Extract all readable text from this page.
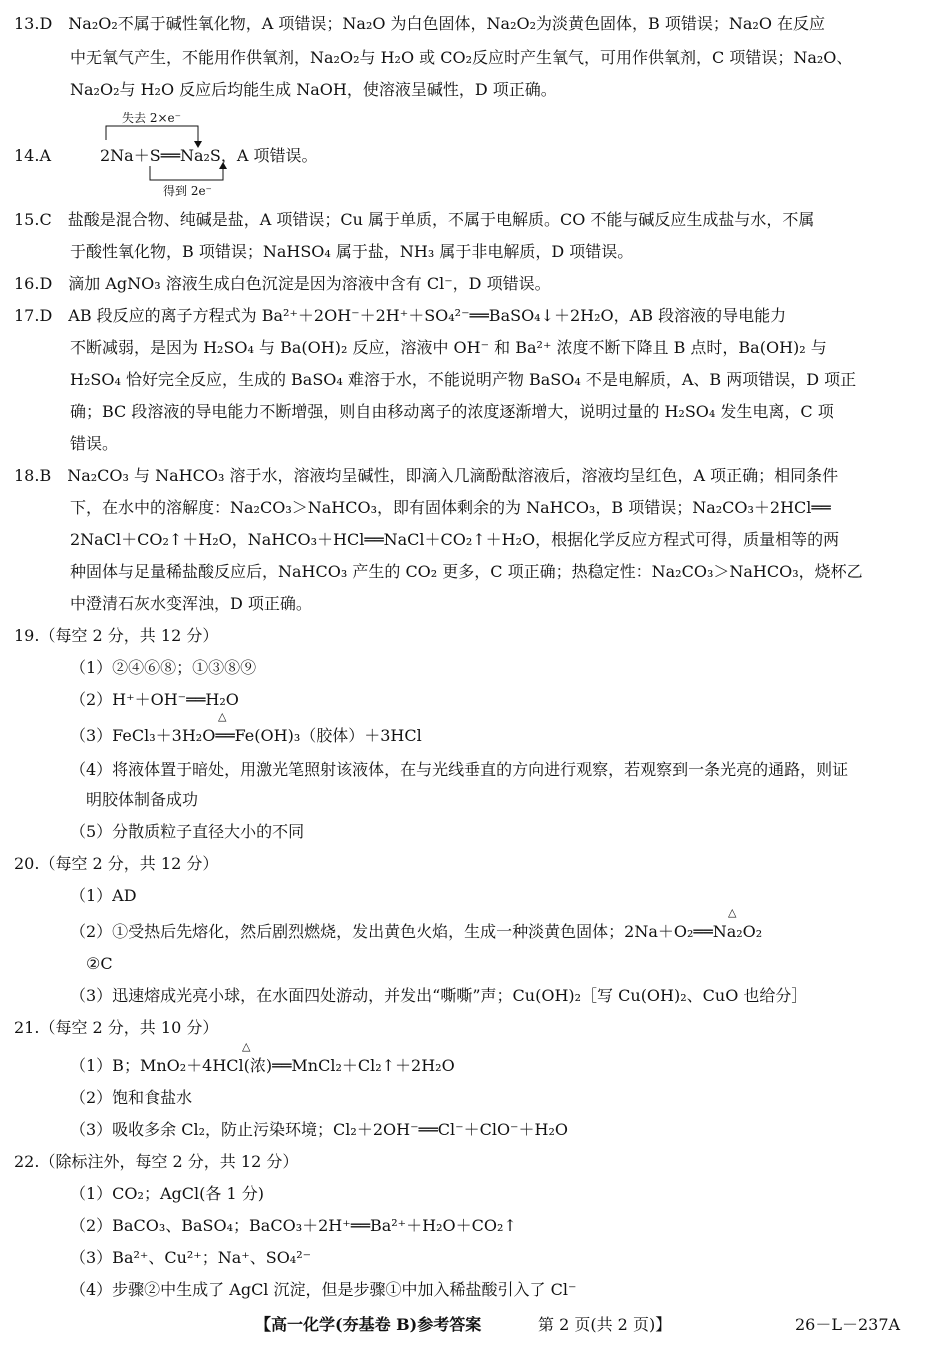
13.D　Na₂O₂不属于碱性氧化物，A 项错误；Na₂O 为白色固体，Na₂O₂为淡黄色固体，B 项错误；Na₂O 在反应
中无氧气产生，不能用作供氧剂，Na₂O₂与 H₂O 或 CO₂反应时产生氧气，可用作供氧剂，C 项错误；Na₂O、
Na₂O₂与 H₂O 反应后均能生成 NaOH，使溶液呈碱性，D 项正确。
失去 2×e⁻
得到 2e⁻
14.A	2Na＋S══Na₂S，A 项错误。
15.C　盐酸是混合物、纯碱是盐，A 项错误；Cu 属于单质，不属于电解质。CO 不能与碱反应生成盐与水，不属
于酸性氧化物，B 项错误；NaHSO₄ 属于盐，NH₃ 属于非电解质，D 项错误。
16.D　滴加 AgNO₃ 溶液生成白色沉淀是因为溶液中含有 Cl⁻，D 项错误。
17.D　AB 段反应的离子方程式为 Ba²⁺＋2OH⁻＋2H⁺＋SO₄²⁻══BaSO₄↓＋2H₂O，AB 段溶液的导电能力
不断减弱，是因为 H₂SO₄ 与 Ba(OH)₂ 反应，溶液中 OH⁻ 和 Ba²⁺ 浓度不断下降且 B 点时，Ba(OH)₂ 与
H₂SO₄ 恰好完全反应，生成的 BaSO₄ 难溶于水，不能说明产物 BaSO₄ 不是电解质，A、B 两项错误，D 项正
确；BC 段溶液的导电能力不断增强，则自由移动离子的浓度逐渐增大，说明过量的 H₂SO₄ 发生电离，C 项
错误。
18.B　Na₂CO₃ 与 NaHCO₃ 溶于水，溶液均呈碱性，即滴入几滴酚酞溶液后，溶液均呈红色，A 项正确；相同条件
下，在水中的溶解度：Na₂CO₃＞NaHCO₃，即有固体剩余的为 NaHCO₃，B 项错误；Na₂CO₃＋2HCl══
2NaCl＋CO₂↑＋H₂O，NaHCO₃＋HCl══NaCl＋CO₂↑＋H₂O，根据化学反应方程式可得，质量相等的两
种固体与足量稀盐酸反应后，NaHCO₃ 产生的 CO₂ 更多，C 项正确；热稳定性：Na₂CO₃＞NaHCO₃，烧杯乙
中澄清石灰水变浑浊，D 项正确。
19.（每空 2 分，共 12 分）
（1）②④⑥⑧；①③⑧⑨
（2）H⁺＋OH⁻══H₂O
（3）FeCl₃＋3H₂O══Fe(OH)₃（胶体）＋3HCl
△
（4）将液体置于暗处，用激光笔照射该液体，在与光线垂直的方向进行观察，若观察到一条光亮的通路，则证
明胶体制备成功
（5）分散质粒子直径大小的不同
20.（每空 2 分，共 12 分）
（1）AD
（2）①受热后先熔化，然后剧烈燃烧，发出黄色火焰，生成一种淡黄色固体；2Na＋O₂══Na₂O₂
△
②C
（3）迅速熔成光亮小球，在水面四处游动，并发出“嘶嘶”声；Cu(OH)₂［写 Cu(OH)₂、CuO 也给分］
21.（每空 2 分，共 10 分）
（1）B；MnO₂＋4HCl(浓)══MnCl₂＋Cl₂↑＋2H₂O
△
（2）饱和食盐水
（3）吸收多余 Cl₂，防止污染环境；Cl₂＋2OH⁻══Cl⁻＋ClO⁻＋H₂O
22.（除标注外，每空 2 分，共 12 分）
（1）CO₂；AgCl(各 1 分)
（2）BaCO₃、BaSO₄；BaCO₃＋2H⁺══Ba²⁺＋H₂O＋CO₂↑
（3）Ba²⁺、Cu²⁺；Na⁺、SO₄²⁻
（4）步骤②中生成了 AgCl 沉淀，但是步骤①中加入稀盐酸引入了 Cl⁻
【高一化学(夯基卷 B)参考答案	第 2 页(共 2 页)】	26－L－237A
